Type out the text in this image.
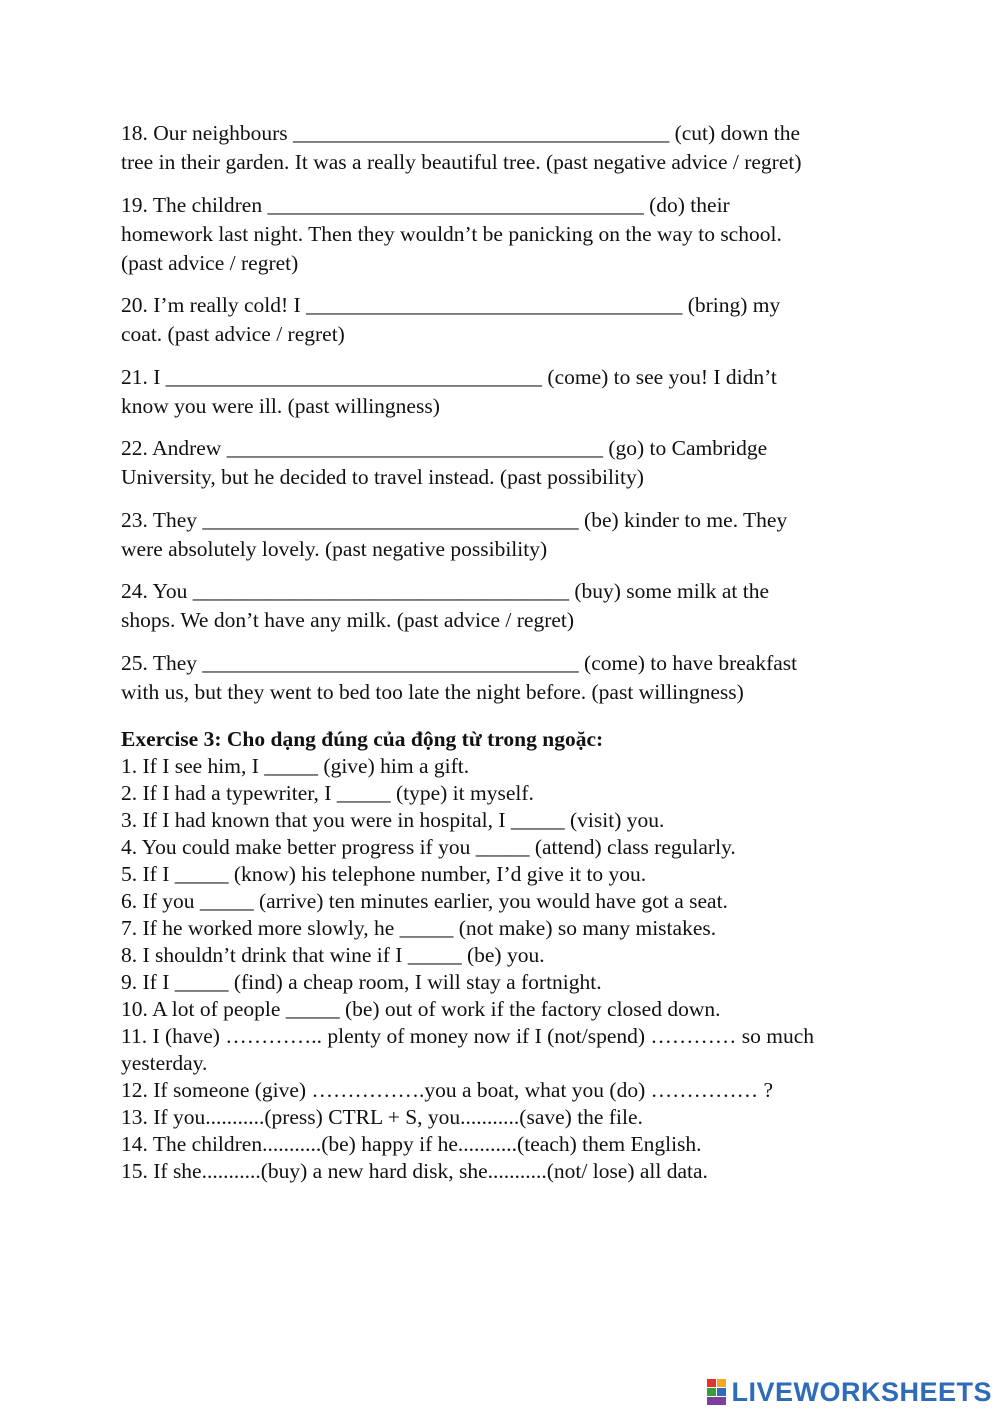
18. Our neighbours ___________________________________ (cut) down the
tree in their garden. It was a really beautiful tree. (past negative advice / regret)
19. The children ___________________________________ (do) their
homework last night. Then they wouldn’t be panicking on the way to school.
(past advice / regret)
20. I’m really cold! I ___________________________________ (bring) my
coat. (past advice / regret)
21. I ___________________________________ (come) to see you! I didn’t
know you were ill. (past willingness)
22. Andrew ___________________________________ (go) to Cambridge
University, but he decided to travel instead. (past possibility)
23. They ___________________________________ (be) kinder to me. They
were absolutely lovely. (past negative possibility)
24. You ___________________________________ (buy) some milk at the
shops. We don’t have any milk. (past advice / regret)
25. They ___________________________________ (come) to have breakfast
with us, but they went to bed too late the night before. (past willingness)
Exercise 3: Cho dạng đúng của động từ trong ngoặc:
1. If I see him, I _____ (give) him a gift.
2. If I had a typewriter, I _____ (type) it myself.
3. If I had known that you were in hospital, I _____ (visit) you.
4. You could make better progress if you _____ (attend) class regularly.
5. If I _____ (know) his telephone number, I’d give it to you.
6. If you _____ (arrive) ten minutes earlier, you would have got a seat.
7. If he worked more slowly, he _____ (not make) so many mistakes.
8. I shouldn’t drink that wine if I _____ (be) you.
9. If I _____ (find) a cheap room, I will stay a fortnight.
10. A lot of people _____ (be) out of work if the factory closed down.
11. I (have) ………….. plenty of money now if I (not/spend) ………… so much
yesterday.
12. If someone (give) …………….you a boat, what you (do) …………… ?
13. If you...........(press) CTRL + S, you...........(save) the file.
14. The children...........(be) happy if he...........(teach) them English.
15. If she...........(buy) a new hard disk, she...........(not/ lose) all data.
LIVEWORKSHEETS
